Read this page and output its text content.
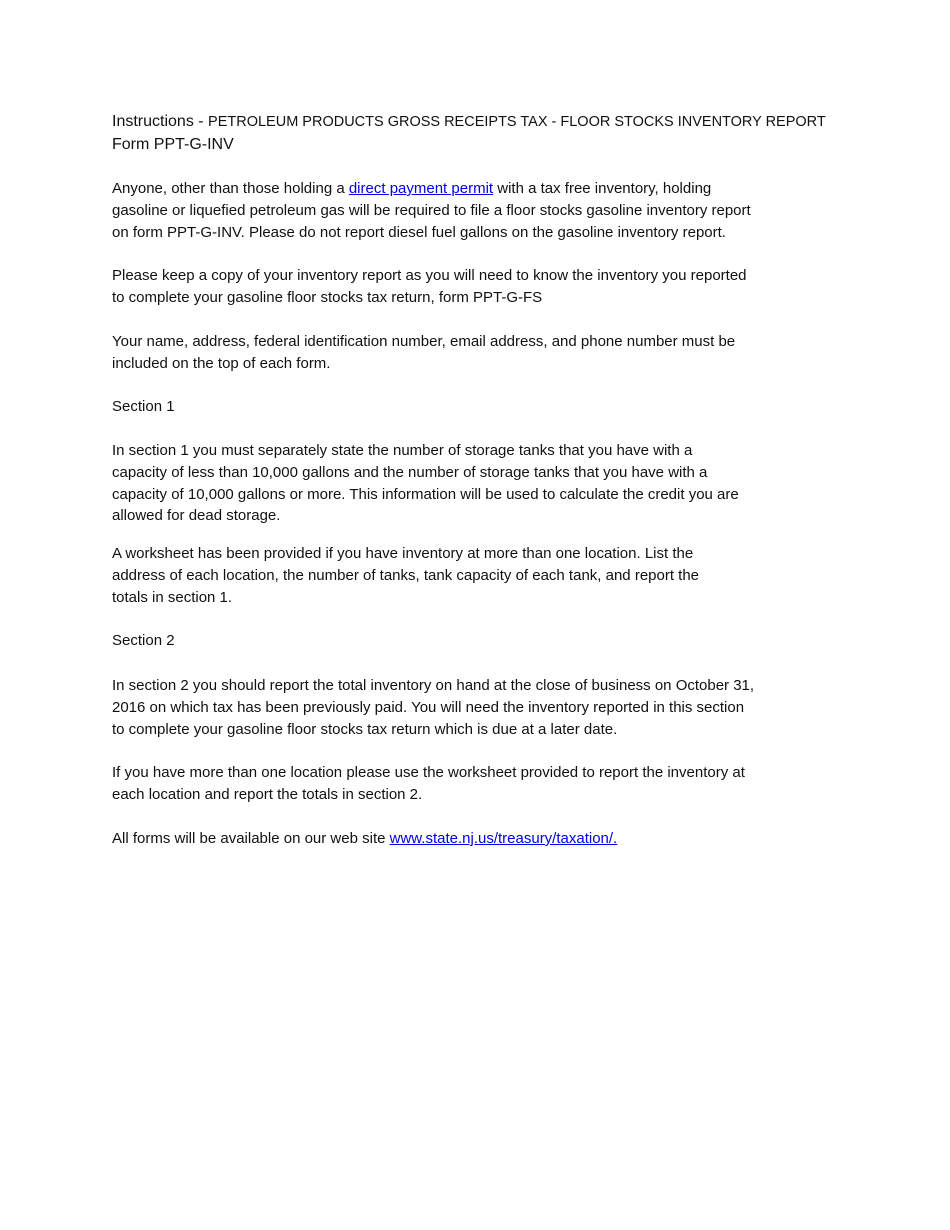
Instructions - PETROLEUM PRODUCTS GROSS RECEIPTS TAX - FLOOR STOCKS INVENTORY REPORT
Form PPT-G-INV
Anyone, other than those holding a direct payment permit with a tax free inventory, holding
gasoline or liquefied petroleum gas will be required to file a floor stocks gasoline inventory report
on form PPT-G-INV. Please do not report diesel fuel gallons on the gasoline inventory report.
Please keep a copy of your inventory report as you will need to know the inventory you reported
to complete your gasoline floor stocks tax return, form PPT-G-FS
Your name, address, federal identification number, email address, and phone number must be
included on the top of each form.
Section 1
In section 1 you must separately state the number of storage tanks that you have with a
capacity of less than 10,000 gallons and the number of storage tanks that you have with a
capacity of 10,000 gallons or more. This information will be used to calculate the credit you are
allowed for dead storage.
A worksheet has been provided if you have inventory at more than one location. List the
address of each location, the number of tanks, tank capacity of each tank, and report the
totals in section 1.
Section 2
In section 2 you should report the total inventory on hand at the close of business on October 31,
2016 on which tax has been previously paid. You will need the inventory reported in this section
to complete your gasoline floor stocks tax return which is due at a later date.
If you have more than one location please use the worksheet provided to report the inventory at
each location and report the totals in section 2.
All forms will be available on our web site www.state.nj.us/treasury/taxation/.
